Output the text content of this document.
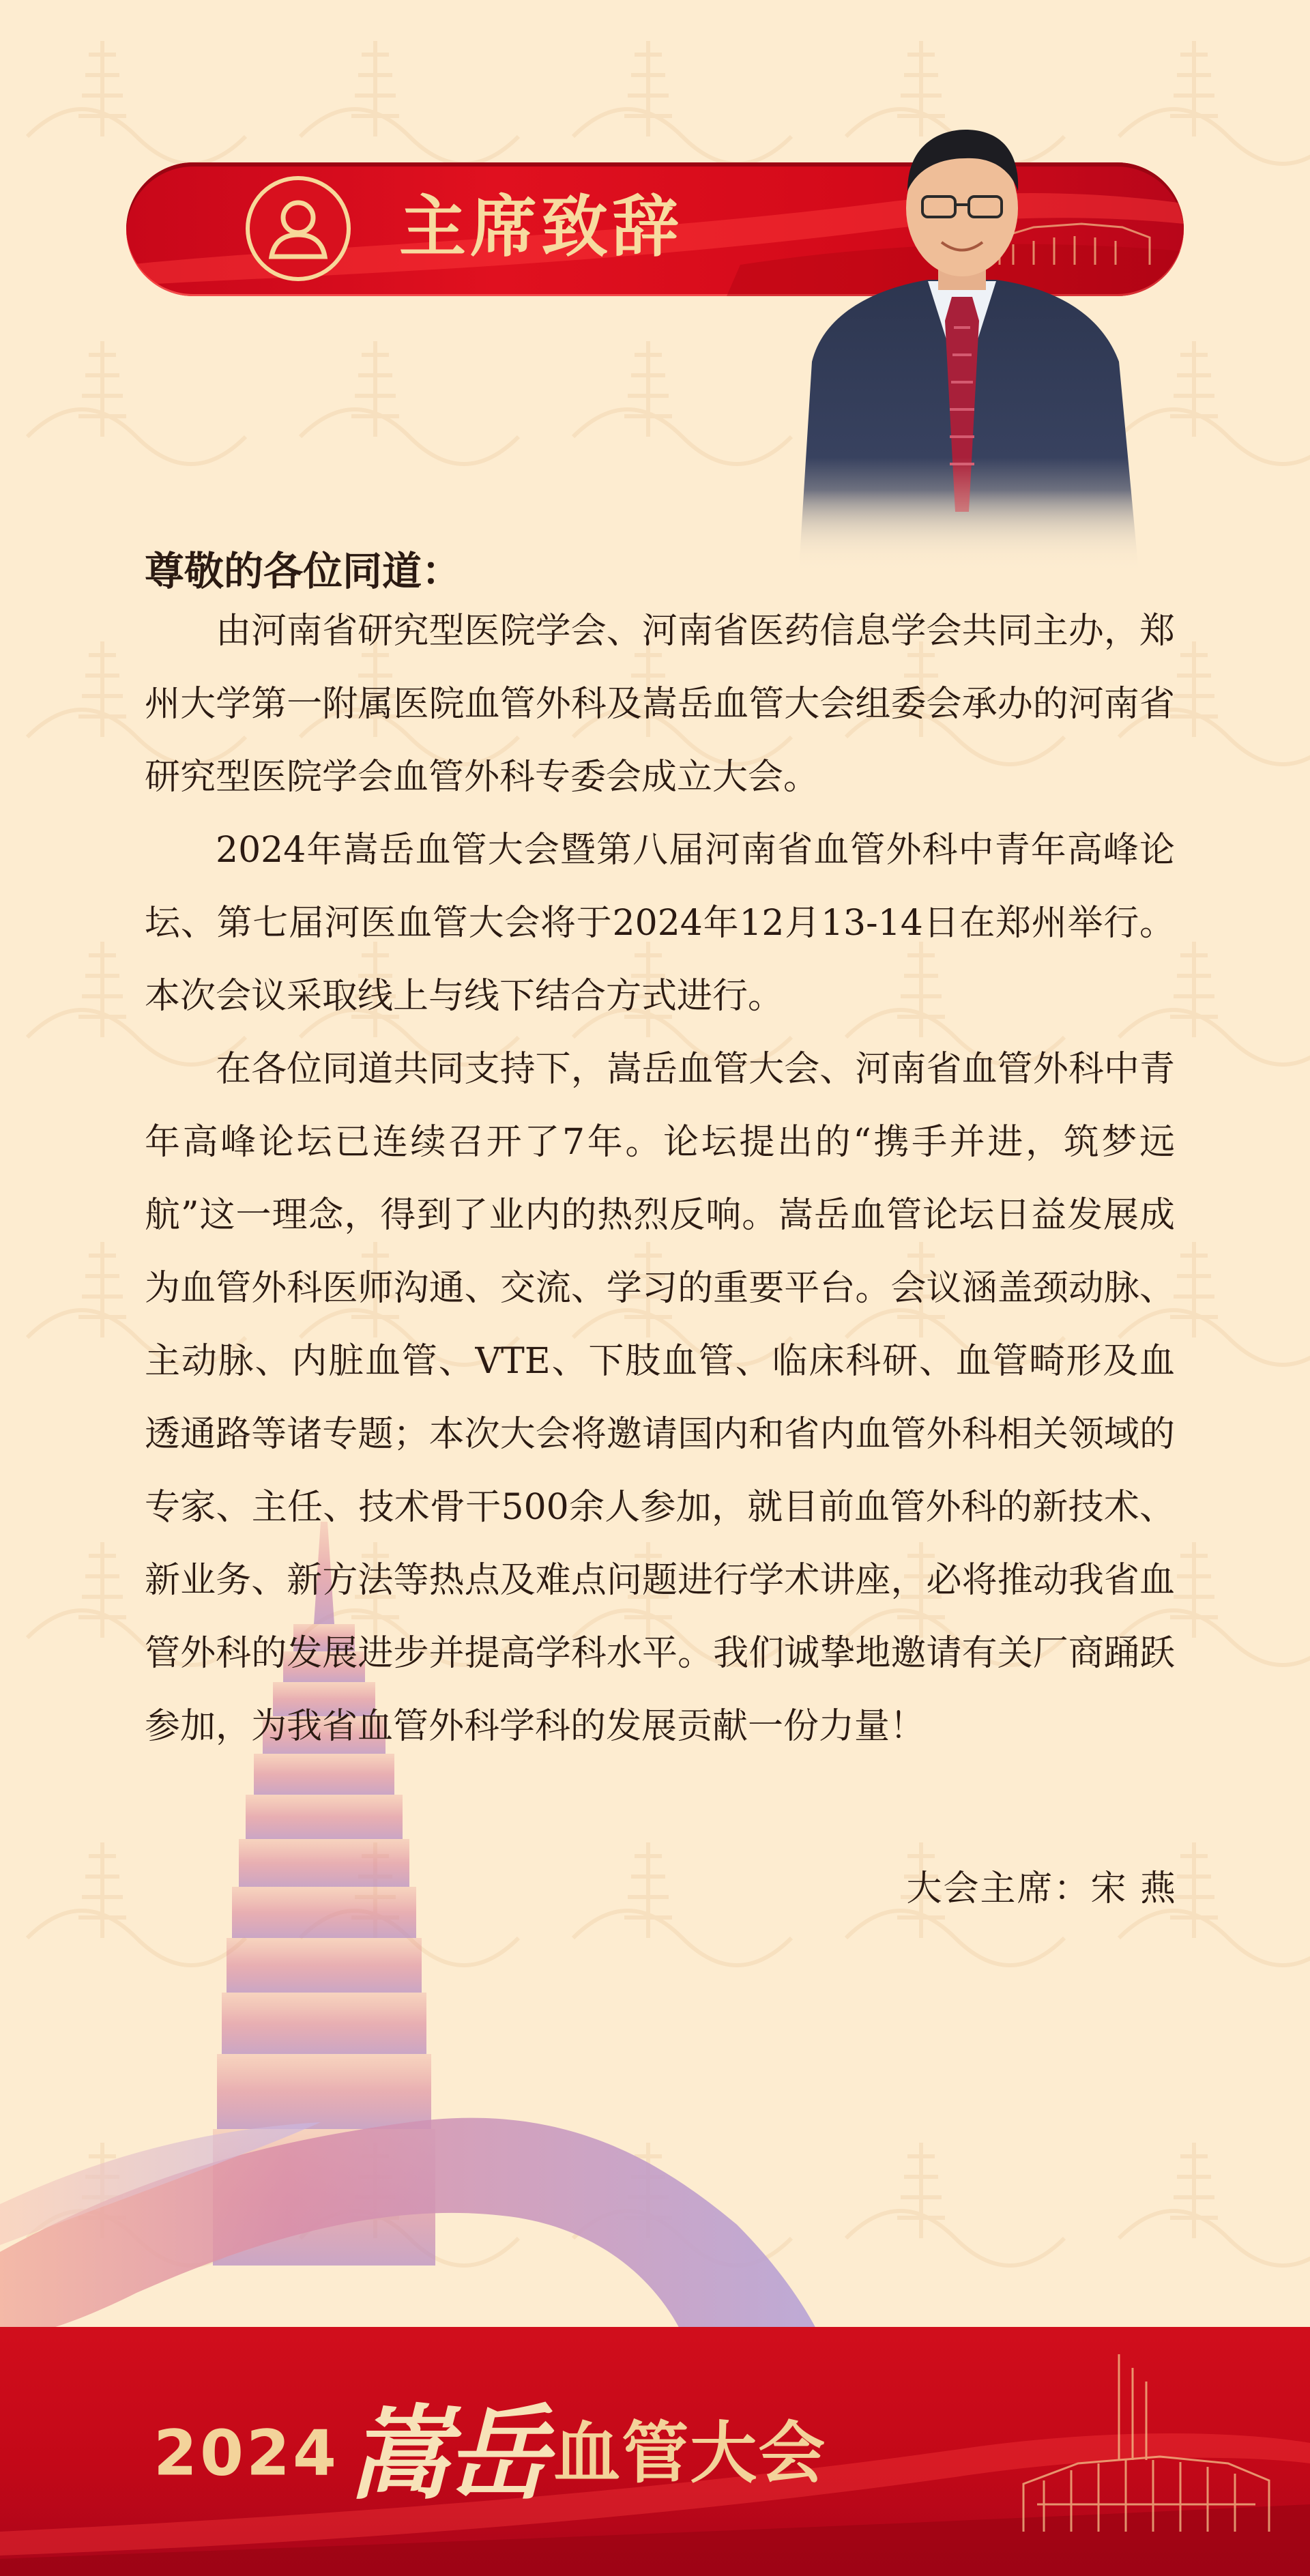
主席致辞
尊敬的各位同道：

由河南省研究型医院学会、河南省医药信息学会共同主办，郑州大学第一附属医院血管外科及嵩岳血管大会组委会承办的河南省研究型医院学会血管外科专委会成立大会。

2024年嵩岳血管大会暨第八届河南省血管外科中青年高峰论坛、第七届河医血管大会将于2024年12月13-14日在郑州举行。本次会议采取线上与线下结合方式进行。

在各位同道共同支持下，嵩岳血管大会、河南省血管外科中青年高峰论坛已连续召开了7年。论坛提出的“携手并进，筑梦远航”这一理念，得到了业内的热烈反响。嵩岳血管论坛日益发展成为血管外科医师沟通、交流、学习的重要平台。会议涵盖颈动脉、主动脉、内脏血管、VTE、下肢血管、临床科研、血管畸形及血透通路等诸专题；本次大会将邀请国内和省内血管外科相关领域的专家、主任、技术骨干500余人参加，就目前血管外科的新技术、新业务、新方法等热点及难点问题进行学术讲座，必将推动我省血管外科的发展进步并提高学科水平。我们诚挚地邀请有关厂商踊跃参加，为我省血管外科学科的发展贡献一份力量！

大会主席：宋 燕
2024 嵩岳 血管大会
